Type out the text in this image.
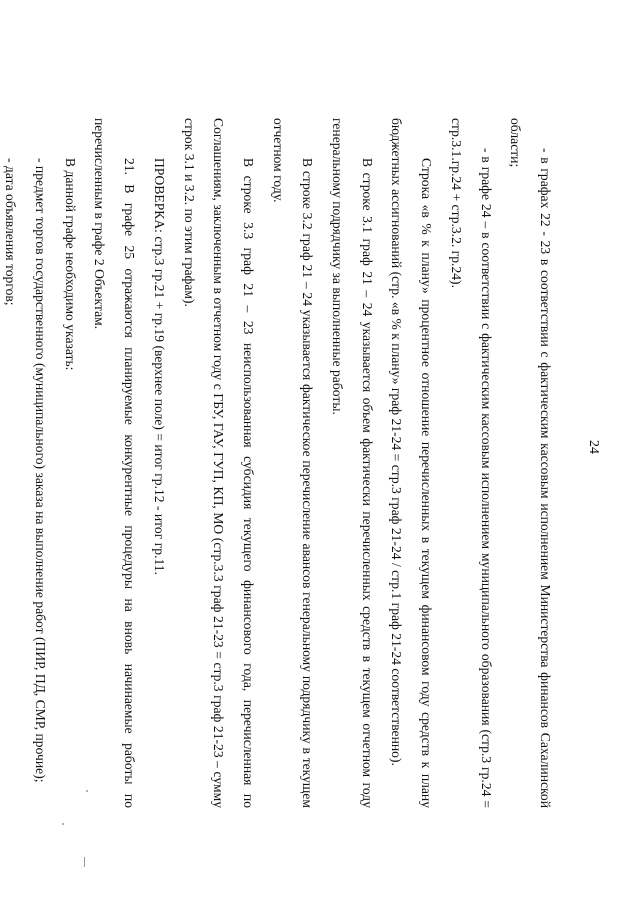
24

- в графах 22 - 23 в соответствии с фактическим кассовым исполнением Министерства финансов Сахалинской области;

- в графе 24 – в соответствии с фактическим кассовым исполнением муниципального образования (стр.3 гр.24 = стр.3.1.гр.24 + стр.3.2. гр.24).

Строка «в % к плану» процентное отношение перечисленных в текущем финансовом году средств к плану бюджетных ассигнований (стр. «в % к плану» граф 21-24 = стр.3 граф 21-24 / стр.1 граф 21-24 соответственно).

В строке 3.1 граф 21 – 24 указывается объем фактически перечисленных средств в текущем отчетном году генеральному подрядчику за выполненные работы.

В строке 3.2 граф 21 – 24 указывается фактическое перечисление авансов генеральному подрядчику в текущем отчетном году.

В строке 3.3 граф 21 – 23 неиспользованная субсидия текущего финансового года, перечисленная по Соглашениям, заключенным в отчетном году с ГБУ, ГАУ, ГУП, КП, МО (стр.3.3 граф 21-23 = стр.3 граф 21-23 – сумму строк 3.1 и 3.2. по этим графам).

ПРОВЕРКА: стр.3 гр.21 + гр.19 (верхнее поле) = итог гр.12 - итог гр.11.

21. В графе 25 отражаются планируемые конкурентные процедуры на вновь начинаемые работы по перечисленным в графе 2 Объектам.

В данной графе необходимо указать:

- предмет торгов государственного (муниципального) заказа на выполнение работ (ПИР, ПД, СМР, прочие);

- дата объявления торгов;
